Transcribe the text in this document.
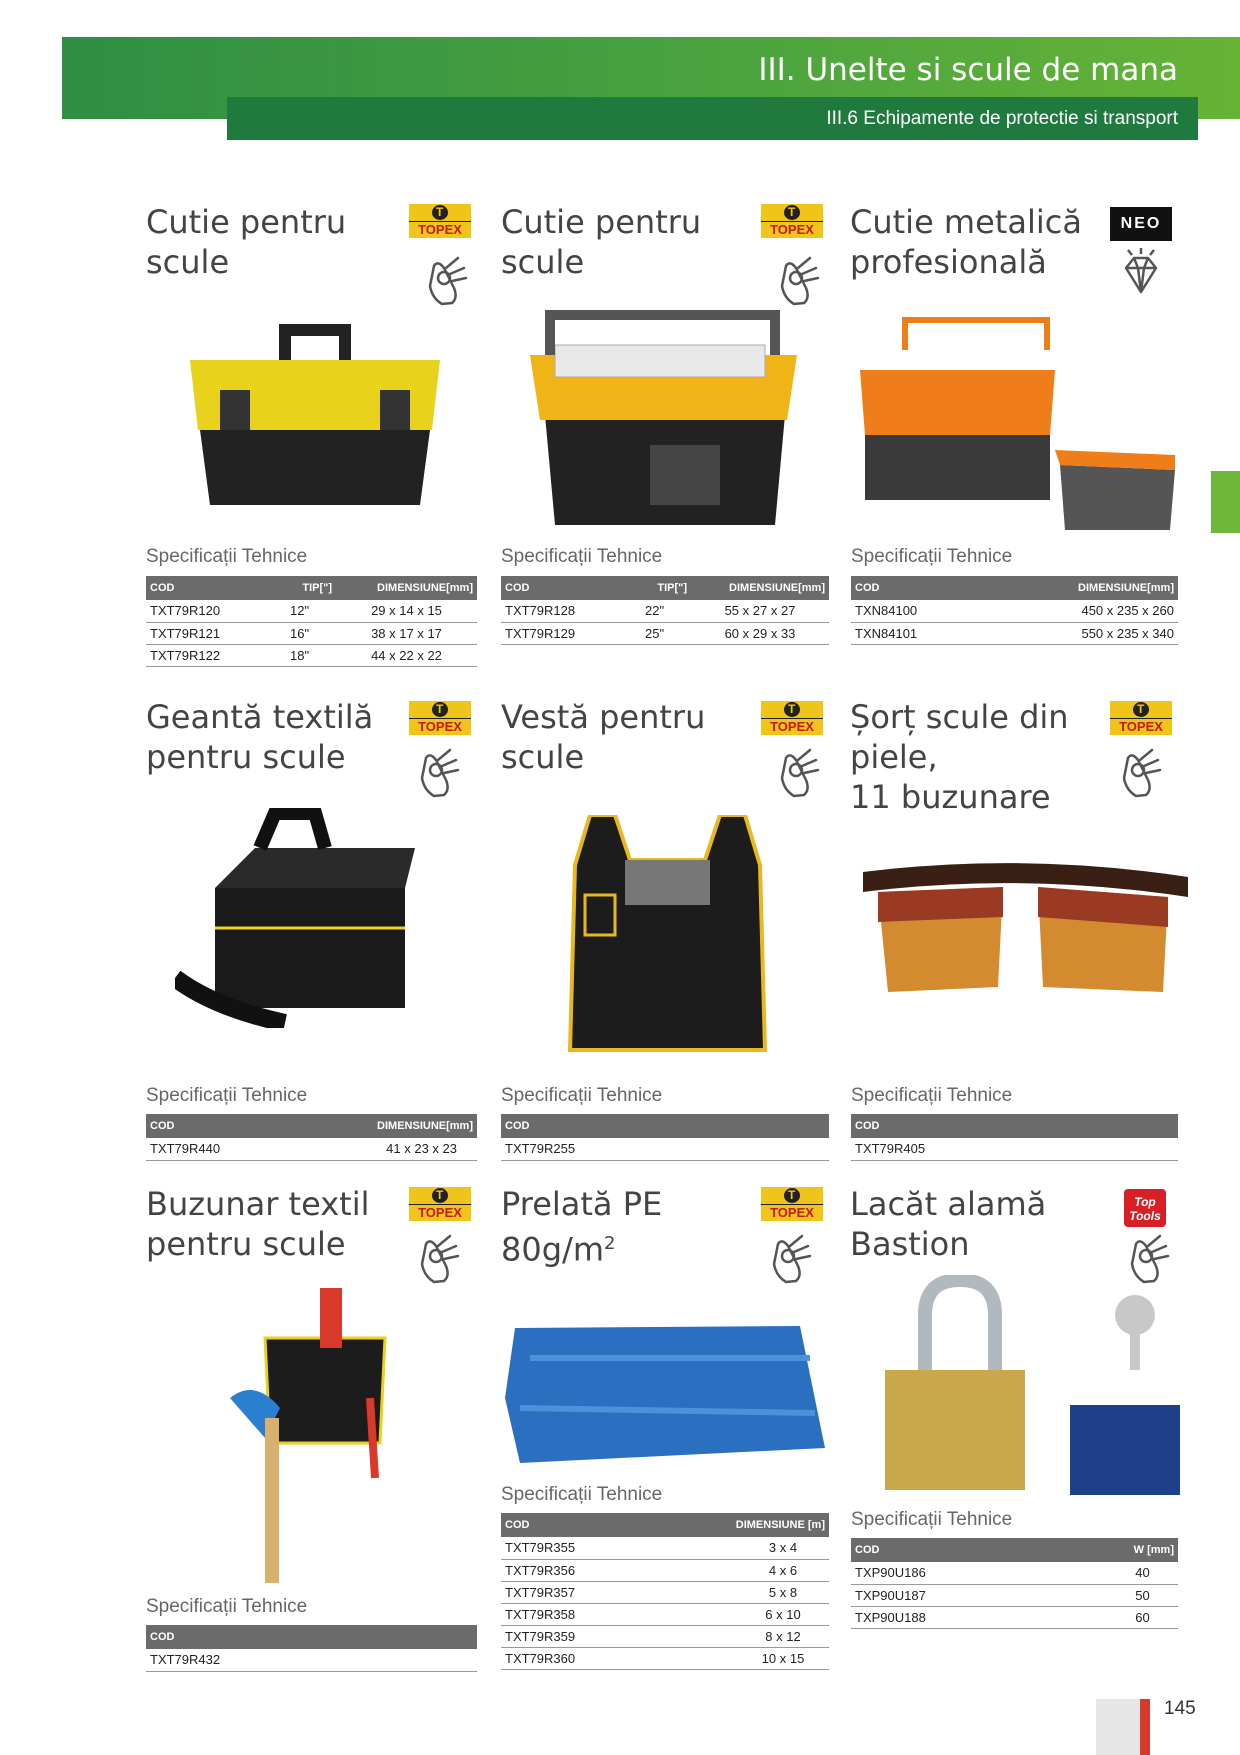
III. Unelte si scule de mana
III.6 Echipamente de protectie si transport
Cutie pentru
scule
T
TOPEX
Specificații Tehnice
COD	TIP["]	DIMENSIUNE[mm]
TXT79R120	12"	29 x 14 x 15
TXT79R121	16"	38 x 17 x 17
TXT79R122	18"	44 x 22 x 22
Cutie pentru
scule
T
TOPEX
Specificații Tehnice
COD	TIP["]	DIMENSIUNE[mm]
TXT79R128	22"	55 x 27 x 27
TXT79R129	25"	60 x 29 x 33
Cutie metalică
profesională
NEO
Specificații Tehnice
COD	DIMENSIUNE[mm]
TXN84100	450 x 235 x 260
TXN84101	550 x 235 x 340
Geantă textilă
pentru scule
T
TOPEX
Specificații Tehnice
COD	DIMENSIUNE[mm]
TXT79R440	41 x 23 x 23
Vestă pentru
scule
T
TOPEX
Specificații Tehnice
COD
TXT79R255
Șorț scule din
piele,
11 buzunare
T
TOPEX
Specificații Tehnice
COD
TXT79R405
Buzunar textil
pentru scule
T
TOPEX
Specificații Tehnice
COD
TXT79R432
Prelată PE
$80g/m^2$
T
TOPEX
Specificații Tehnice
COD	DIMENSIUNE [m]
TXT79R355	3 x 4
TXT79R356	4 x 6
TXT79R357	5 x 8
TXT79R358	6 x 10
TXT79R359	8 x 12
TXT79R360	10 x 15
Lacăt alamă
Bastion
Top Tools
Specificații Tehnice
COD	W [mm]
TXP90U186	40
TXP90U187	50
TXP90U188	60
145
